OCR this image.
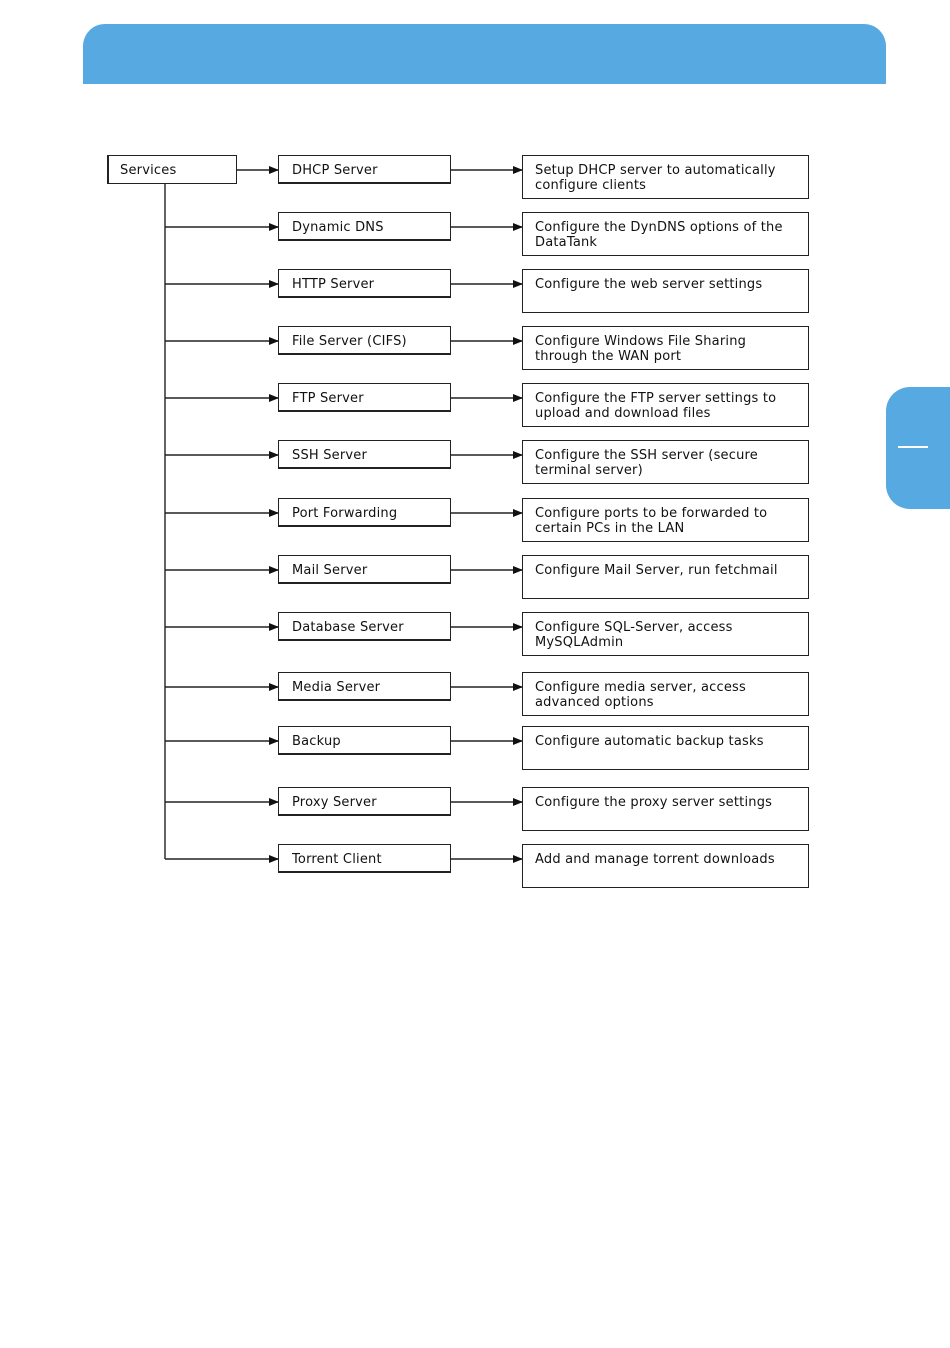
Services	DHCP Server	Setup DHCP server to automatically configure clients
Dynamic DNS	Configure the DynDNS options of the DataTank
HTTP Server	Configure the web server settings
File Server (CIFS)	Configure Windows File Sharing through the WAN port
FTP Server	Configure the FTP server settings to upload and download files
SSH Server	Configure the SSH server (secure terminal server)
Port Forwarding	Configure ports to be forwarded to certain PCs in the LAN
Mail Server	Configure Mail Server, run fetchmail
Database Server	Configure SQL-Server, access MySQLAdmin
Media Server	Configure media server, access advanced options
Backup	Configure automatic backup tasks
Proxy Server	Configure the proxy server settings
Torrent Client	Add and manage torrent downloads
